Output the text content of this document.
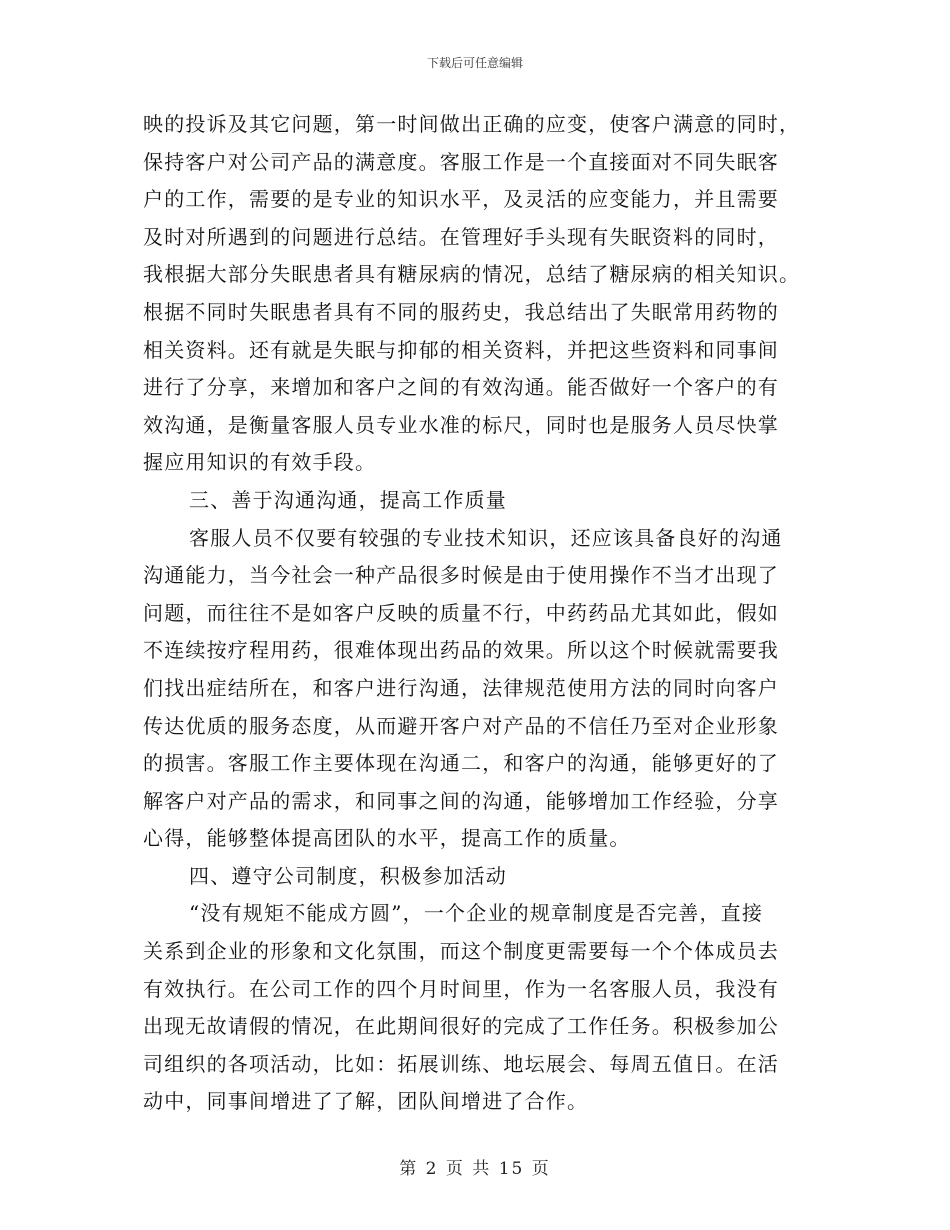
下载后可任意编辑
映的投诉及其它问题，第一时间做出正确的应变，使客户满意的同时，
保持客户对公司产品的满意度。客服工作是一个直接面对不同失眠客
户的工作，需要的是专业的知识水平，及灵活的应变能力，并且需要
及时对所遇到的问题进行总结。在管理好手头现有失眠资料的同时，
我根据大部分失眠患者具有糖尿病的情况，总结了糖尿病的相关知识。
根据不同时失眠患者具有不同的服药史，我总结出了失眠常用药物的
相关资料。还有就是失眠与抑郁的相关资料，并把这些资料和同事间
进行了分享，来增加和客户之间的有效沟通。能否做好一个客户的有
效沟通，是衡量客服人员专业水准的标尺，同时也是服务人员尽快掌
握应用知识的有效手段。
三、善于沟通沟通，提高工作质量
客服人员不仅要有较强的专业技术知识，还应该具备良好的沟通
沟通能力，当今社会一种产品很多时候是由于使用操作不当才出现了
问题，而往往不是如客户反映的质量不行，中药药品尤其如此，假如
不连续按疗程用药，很难体现出药品的效果。所以这个时候就需要我
们找出症结所在，和客户进行沟通，法律规范使用方法的同时向客户
传达优质的服务态度，从而避开客户对产品的不信任乃至对企业形象
的损害。客服工作主要体现在沟通二，和客户的沟通，能够更好的了
解客户对产品的需求，和同事之间的沟通，能够增加工作经验，分享
心得，能够整体提高团队的水平，提高工作的质量。
四、遵守公司制度，积极参加活动
“没有规矩不能成方圆”，一个企业的规章制度是否完善，直接
关系到企业的形象和文化氛围，而这个制度更需要每一个个体成员去
有效执行。在公司工作的四个月时间里，作为一名客服人员，我没有
出现无故请假的情况，在此期间很好的完成了工作任务。积极参加公
司组织的各项活动，比如：拓展训练、地坛展会、每周五值日。在活
动中，同事间增进了了解，团队间增进了合作。
第 2 页 共 15 页
